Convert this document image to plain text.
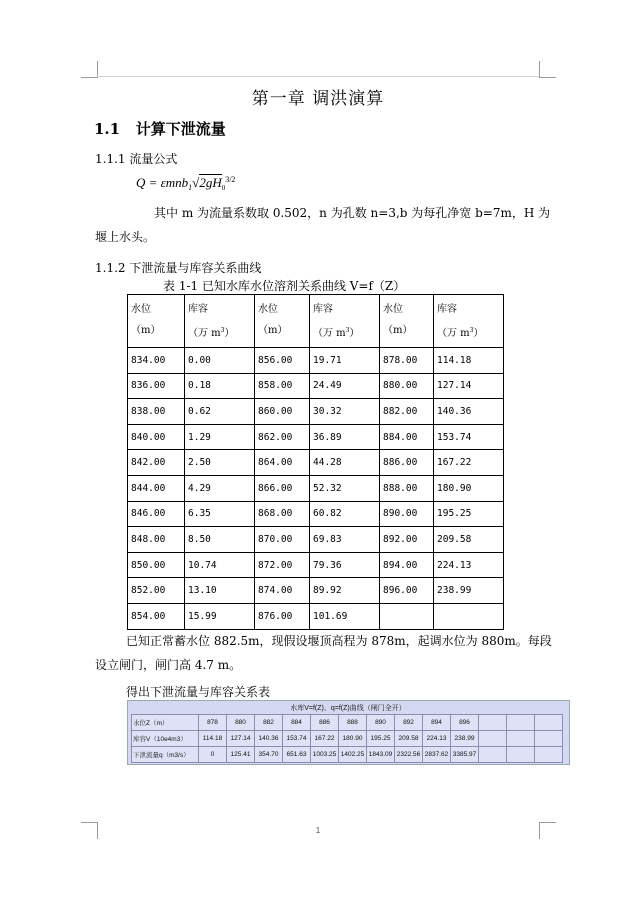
第一章 调洪演算
1.1 计算下泄流量
1.1.1 流量公式
$Q = \varepsilon mnb_1√2gH_0^{3/2}$
其中 m 为流量系数取 0.502，n 为孔数 n=3,b 为每孔净宽 b=7m，H 为
堰上水头。
1.1.2 下泄流量与库容关系曲线
表 1-1 已知水库水位溶剂关系曲线 V=f（Z）
水位
（m）	库容
（万 $m^3$）	水位
（m）	库容
（万 $m^3$）	水位
（m）	库容
（万 $m^3$）
834.00	0.00	856.00	19.71	878.00	114.18
836.00	0.18	858.00	24.49	880.00	127.14
838.00	0.62	860.00	30.32	882.00	140.36
840.00	1.29	862.00	36.89	884.00	153.74
842.00	2.50	864.00	44.28	886.00	167.22
844.00	4.29	866.00	52.32	888.00	180.90
846.00	6.35	868.00	60.82	890.00	195.25
848.00	8.50	870.00	69.83	892.00	209.58
850.00	10.74	872.00	79.36	894.00	224.13
852.00	13.10	874.00	89.92	896.00	238.99
854.00	15.99	876.00	101.69		
已知正常蓄水位 882.5m，现假设堰顶高程为 878m，起调水位为 880m。每段
设立闸门，闸门高 4.7 m。
得出下泄流量与库容关系表
水库V=f(Z)、q=f(Z)曲线（闸门全开）
水位Z（m）	878	880	882	884	886	888	890	892	894	896			
库容V（10e4m3）	114.18	127.14	140.36	153.74	167.22	180.90	195.25	209.58	224.13	238.99			
下泄流量q（m3/s）	0	125.41	354.70	651.63	1003.25	1402.25	1843.09	2322.56	2837.62	3385.97			
1
